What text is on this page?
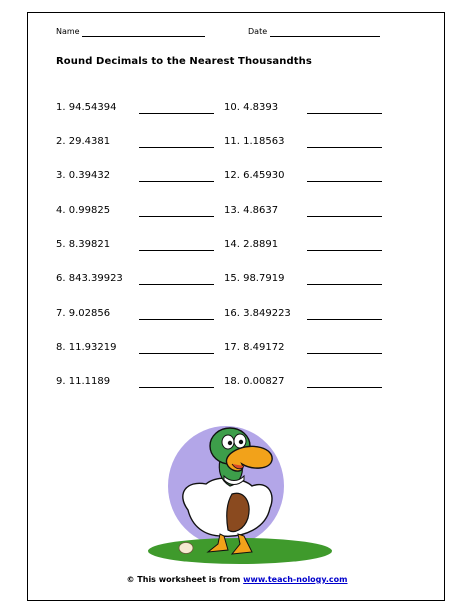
Name	Date
Round Decimals to the Nearest Thousandths
1. 94.54394
2. 29.4381
3. 0.39432
4. 0.99825
5. 8.39821
6. 843.39923
7. 9.02856
8. 11.93219
9. 11.1189
10. 4.8393
11. 1.18563
12. 6.45930
13. 4.8637
14. 2.8891
15. 98.7919
16. 3.849223
17. 8.49172
18. 0.00827
© This worksheet is from www.teach-nology.com
